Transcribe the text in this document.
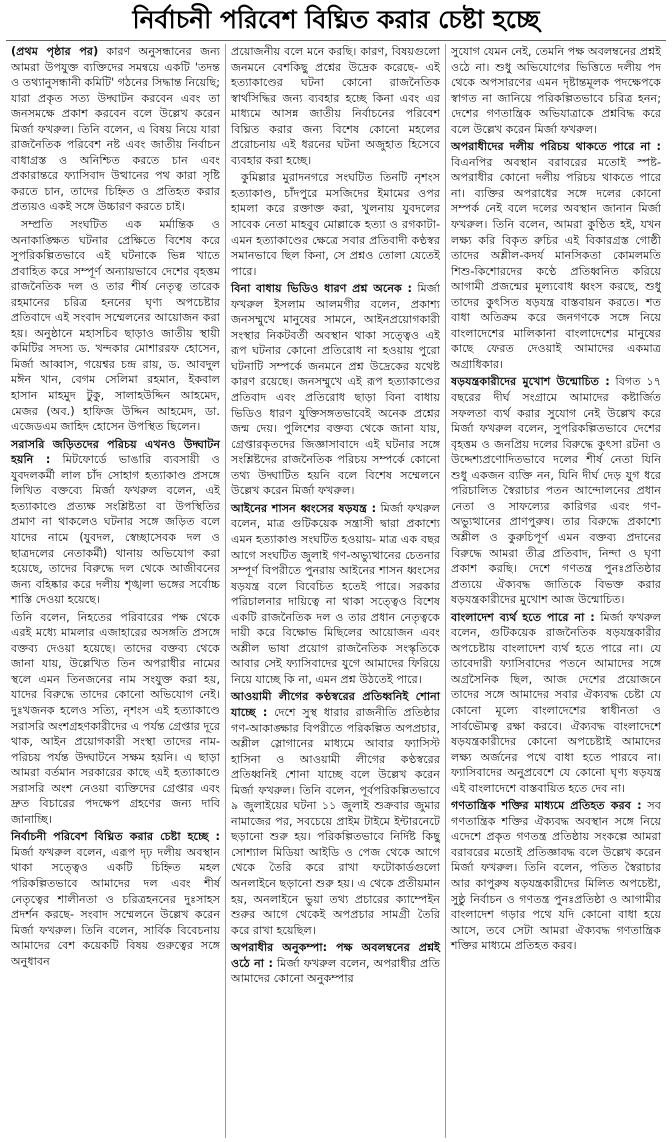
নির্বাচনী পরিবেশ বিঘ্নিত করার চেষ্টা হচ্ছে

(প্রথম পৃষ্ঠার পর) কারণ অনুসন্ধানের জন্য আমরা উপযুক্ত ব্যক্তিদের সমন্বয়ে একটি 'তদন্ত ও তথ্যানুসন্ধানী কমিটি' গঠনের সিদ্ধান্ত নিয়েছি; যারা প্রকৃত সত্য উদ্ঘাটন করবেন এবং তা জনসমক্ষে প্রকাশ করবেন বলে উল্লেখ করেন মির্জা ফখরুল। তিনি বলেন, এ বিষয় নিয়ে যারা রাজনৈতিক পরিবেশ নষ্ট এবং জাতীয় নির্বাচন বাধাগ্রস্ত ও অনিশ্চিত করতে চান এবং প্রকারান্তরে ফ্যাসিবাদ উত্থানের পথ কারা সৃষ্টি করতে চান, তাদের চিহ্নিত ও প্রতিহত করার প্রত্যয়ও একই সঙ্গে উচ্চারণ করতে চাই।

সম্প্রতি সংঘটিত এক মর্মান্তিক ও অনাকাঙ্ক্ষিত ঘটনার প্রেক্ষিতে বিশেষ করে সুপরিকল্পিতভাবে এই ঘটনাকে ভিন্ন খাতে প্রবাহিত করে সম্পূর্ণ অন্যায়ভাবে দেশের বৃহত্তম রাজনৈতিক দল ও তার শীর্ষ নেতৃত্ব তারেক রহমানের চরিত্র হননের ঘৃণ্য অপচেষ্টার প্রতিবাদে এই সংবাদ সম্মেলনের আয়োজন করা হয়। অনুষ্ঠানে মহাসচিব ছাড়াও জাতীয় স্থায়ী কমিটির সদস্য ড. খন্দকার মোশাররফ হোসেন, মির্জা আব্বাস, গয়েশ্বর চন্দ্র রায়, ড. আবদুল মঈন খান, বেগম সেলিমা রহমান, ইকবাল হাসান মাহমুদ টুকু, সালাহউদ্দিন আহমেদ, মেজর (অব.) হাফিজ উদ্দিন আহমেদ, ডা. এজেডএম জাহিদ হোসেন উপস্থিত ছিলেন।

সরাসরি জড়িতদের পরিচয় এখনও উদ্ঘাটন হয়নি : মিটফোর্ডে ভাঙারি ব্যবসায়ী ও যুবদলকর্মী লাল চাঁদ সোহাগ হত্যাকাণ্ড প্রসঙ্গে লিখিত বক্তব্যে মির্জা ফখরুল বলেন, এই হত্যাকাণ্ডে প্রত্যক্ষ সংশ্লিষ্টতা বা উপস্থিতির প্রমাণ না থাকলেও ঘটনার সঙ্গে জড়িত বলে যাদের নামে (যুবদল, স্বেচ্ছাসেবক দল ও ছাত্রদলের নেতাকর্মী) থানায় অভিযোগ করা হয়েছে, তাদের বিরুদ্ধে দল থেকে আজীবনের জন্য বহিষ্কার করে দলীয় শৃঙ্খলা ভঙ্গের সর্বোচ্চ শাস্তি দেওয়া হয়েছে।

তিনি বলেন, নিহতের পরিবারের পক্ষ থেকে এরই মধ্যে মামলার এজাহারের অসঙ্গতি প্রসঙ্গে বক্তব্য দেওয়া হয়েছে। তাদের বক্তব্য থেকে জানা যায়, উল্লেখিত তিন অপরাধীর নামের স্থলে এমন তিনজনের নাম সংযুক্ত করা হয়, যাদের বিরুদ্ধে তাদের কোনো অভিযোগ নেই। দুঃখজনক হলেও সত্যি, নৃশংস এই হত্যাকাণ্ডে সরাসরি অংশগ্রহণকারীদের এ পর্যন্ত গ্রেপ্তার দূরে থাক, আইন প্রয়োগকারী সংস্থা তাদের নাম-পরিচয় পর্যন্ত উদ্ঘাটনে সক্ষম হয়নি। এ ছাড়া আমরা বর্তমান সরকারের কাছে এই হত্যাকাণ্ডে সরাসরি অংশ নেওয়া ব্যক্তিদের গ্রেপ্তার এবং দ্রুত বিচারের পদক্ষেপ গ্রহণের জন্য দাবি জানাচ্ছি।

নির্বাচনী পরিবেশ বিঘ্নিত করার চেষ্টা হচ্ছে : মির্জা ফখরুল বলেন, এরূপ দৃঢ় দলীয় অবস্থান থাকা সত্ত্বেও একটি চিহ্নিত মহল পরিকল্পিতভাবে আমাদের দল এবং শীর্ষ নেতৃত্বের শালীনতা ও চরিত্রহননের দুঃসাহস প্রদর্শন করছে- সংবাদ সম্মেলনে উল্লেখ করেন মির্জা ফখরুল। তিনি বলেন, সার্বিক বিবেচনায় আমাদের বেশ কয়েকটি বিষয় গুরুত্বের সঙ্গে অনুধাবন

প্রয়োজনীয় বলে মনে করছি। কারণ, বিষয়গুলো জনমনে বেশকিছু প্রশ্নের উদ্রেক করেছে- এই হত্যাকাণ্ডের ঘটনা কোনো রাজনৈতিক স্বার্থসিদ্ধির জন্য ব্যবহার হচ্ছে কিনা এবং এর মাধ্যমে আসন্ন জাতীয় নির্বাচনের পরিবেশ বিঘ্নিত করার জন্য বিশেষ কোনো মহলের প্ররোচনায় এই ধরনের ঘটনা অজুহাত হিসেবে ব্যবহার করা হচ্ছে।

কুমিল্লার মুরাদনগরে সংঘটিত তিনটি নৃশংস হত্যাকাণ্ড, চাঁদপুরে মসজিদের ইমামের ওপর হামলা করে রক্তাক্ত করা, খুলনায় যুবদলের সাবেক নেতা মাহবুব মোল্লাকে হত্যা ও রগকাটা- এমন হত্যাকাণ্ডের ক্ষেত্রে সবার প্রতিবাদী কণ্ঠস্বর সমানভাবে ছিল কিনা, সে প্রশ্নও তোলা যেতেই পারে।

বিনা বাধায় ভিডিও ধারণ প্রশ্ন অনেক : মির্জা ফখরুল ইসলাম আলমগীর বলেন, প্রকাশ্য জনসম্মুখে মানুষের সামনে, আইনপ্রয়োগকারী সংস্থার নিকটবর্তী অবস্থান থাকা সত্ত্বেও এই রূপ ঘটনার কোনো প্রতিরোধ না হওয়ায় পুরো ঘটনাটি সম্পর্কে জনমনে প্রশ্ন উদ্রেকের যথেষ্ট কারণ রয়েছে। জনসম্মুখে এই রূপ হত্যাকাণ্ডের প্রতিবাদ এবং প্রতিরোধ ছাড়া বিনা বাধায় ভিডিও ধারণ যুক্তিসঙ্গতভাবেই অনেক প্রশ্নের জন্ম দেয়। পুলিশের বক্তব্য থেকে জানা যায়, গ্রেপ্তারকৃতদের জিজ্ঞাসাবাদে এই ঘটনার সঙ্গে সংশ্লিষ্টদের রাজনৈতিক পরিচয় সম্পর্কে কোনো তথ্য উদ্ঘাটিত হয়নি বলে বিশেষ সম্মেলনে উল্লেখ করেন মির্জা ফখরুল।

আইনের শাসন ধ্বংসের ষড়যন্ত্র : মির্জা ফখরুল বলেন, মাত্র গুটিকয়েক সন্ত্রাসী দ্বারা প্রকাশ্যে এমন হত্যাকাণ্ড সংঘটিত হওয়ায়- মাত্র এক বছর আগে সংঘটিত জুলাই গণ-অভ্যুত্থানের চেতনার সম্পূর্ণ বিপরীতে পুনরায় আইনের শাসন ধ্বংসের ষড়যন্ত্র বলে বিবেচিত হতেই পারে। সরকার পরিচালনার দায়িত্বে না থাকা সত্ত্বেও বিশেষ একটি রাজনৈতিক দল ও তার প্রধান নেতৃত্বকে দায়ী করে বিক্ষোভ মিছিলের আয়োজন এবং অশ্লীল ভাষা প্রয়োগ রাজনৈতিক সংস্কৃতিকে আবার সেই ফ্যাসিবাদের যুগে আমাদের ফিরিয়ে নিয়ে যাচ্ছে কি না, এমন প্রশ্ন উঠতেই পারে।

আওয়ামী লীগের কণ্ঠস্বরের প্রতিধ্বনিই শোনা যাচ্ছে : দেশে সুস্থ ধারার রাজনীতি প্রতিষ্ঠার গণ-আকাঙ্ক্ষার বিপরীতে পরিকল্পিত অপপ্রচার, অশ্লীল স্লোগানের মাধ্যমে আবার ফ্যাসিস্ট হাসিনা ও আওয়ামী লীগের কণ্ঠস্বরের প্রতিধ্বনিই শোনা যাচ্ছে বলে উল্লেখ করেন মির্জা ফখরুল। তিনি বলেন, পূর্বপরিকল্পিতভাবে ৯ জুলাইয়ের ঘটনা ১১ জুলাই শুক্রবার জুমার নামাজের পর, সবচেয়ে প্রাইম টাইমে ইন্টারনেটে ছড়ানো শুরু হয়। পরিকল্পিতভাবে নির্দিষ্ট কিছু সোশ্যাল মিডিয়া আইডি ও পেজ থেকে আগে থেকে তৈরি করে রাখা ফটোকার্ডগুলো অনলাইনে ছড়ানো শুরু হয়। এ থেকে প্রতীয়মান হয়, অনলাইনে ভুয়া তথ্য প্রচারের ক্যাম্পেইন শুরুর আগে থেকেই অপপ্রচার সামগ্রী তৈরি করে রাখা হয়েছিল।

অপরাধীর অনুকম্পা: পক্ষ অবলম্বনের প্রশ্নই ওঠে না : মির্জা ফখরুল বলেন, অপরাধীর প্রতি আমাদের কোনো অনুকম্পার

সুযোগ যেমন নেই, তেমনি পক্ষ অবলম্বনের প্রশ্নই ওঠে না। শুধু অভিযোগের ভিত্তিতে দলীয় পদ থেকে অপসারণের এমন দৃষ্টান্তমূলক পদক্ষেপকে স্বাগত না জানিয়ে পরিকল্পিতভাবে চরিত্র হনন; দেশের গণতান্ত্রিক অভিযাত্রাকে প্রশ্নবিদ্ধ করে বলে উল্লেখ করেন মির্জা ফখরুল।

অপরাধীদের দলীয় পরিচয় থাকতে পারে না : বিএনপির অবস্থান বরাবরের মতোই স্পষ্ট- অপরাধীর কোনো দলীয় পরিচয় থাকতে পারে না। ব্যক্তির অপরাধের সঙ্গে দলের কোনো সম্পর্ক নেই বলে দলের অবস্থান জানান মির্জা ফখরুল। তিনি বলেন, আমরা কুণ্ঠিত হই, যখন লক্ষ্য করি বিকৃত রুচির এই বিকারগ্রস্ত গোষ্ঠী তাদের অশ্লীল-কদর্য মানসিকতা কোমলমতি শিশু-কিশোরদের কণ্ঠে প্রতিধ্বনিত করিয়ে আগামী প্রজন্মের মূল্যবোধ ধ্বংস করছে, শুধু তাদের কুৎসিত ষড়যন্ত্র বাস্তবায়ন করতে। শত বাধা অতিক্রম করে জনগণকে সঙ্গে নিয়ে বাংলাদেশের মালিকানা বাংলাদেশের মানুষের কাছে ফেরত দেওয়াই আমাদের একমাত্র অগ্রাধিকার।

ষড়যন্ত্রকারীদের মুখোশ উন্মোচিত : বিগত ১৭ বছরের দীর্ঘ সংগ্রামে আমাদের কষ্টার্জিত সফলতা ব্যর্থ করার সুযোগ নেই উল্লেখ করে মির্জা ফখরুল বলেন, সুপরিকল্পিতভাবে দেশের বৃহত্তম ও জনপ্রিয় দলের বিরুদ্ধে কুৎসা রটনা ও উদ্দেশ্যপ্রণোদিতভাবে দলের শীর্ষ নেতা যিনি শুধু একজন ব্যক্তি নন, যিনি দীর্ঘ দেড় যুগ ধরে পরিচালিত স্বৈরাচার পতন আন্দোলনের প্রধান নেতা ও সাফল্যের কারিগর এবং গণ-অভ্যুত্থানের প্রাণপুরুষ। তার বিরুদ্ধে প্রকাশ্যে অশ্লীল ও কুরুচিপূর্ণ এমন বক্তব্য প্রদানের বিরুদ্ধে আমরা তীব্র প্রতিবাদ, নিন্দা ও ঘৃণা প্রকাশ করছি। দেশে গণতন্ত্র পুনঃপ্রতিষ্ঠার প্রত্যয়ে ঐক্যবদ্ধ জাতিকে বিভক্ত করার ষড়যন্ত্রকারীদের মুখোশ আজ উন্মোচিত।

বাংলাদেশ ব্যর্থ হতে পারে না : মির্জা ফখরুল বলেন, গুটিকয়েক রাজনৈতিক ষড়যন্ত্রকারীর অপচেষ্টায় বাংলাদেশ ব্যর্থ হতে পারে না। যে তাবেদারী ফ্যাসিবাদের পতনে আমাদের সঙ্গে অগ্রসৈনিক ছিল, আজ দেশের প্রয়োজনে তাদের সঙ্গে আমাদের সবার ঐক্যবদ্ধ চেষ্টা যে কোনো মূল্যে বাংলাদেশের স্বাধীনতা ও সার্বভৌমত্ব রক্ষা করবে। ঐক্যবদ্ধ বাংলাদেশে ষড়যন্ত্রকারীদের কোনো অপচেষ্টাই আমাদের লক্ষ্য অর্জনের পথে বাধা হতে পারবে না। ফ্যাসিবাদের অনুপ্রবেশে যে কোনো ঘৃণ্য ষড়যন্ত্র এই বাংলাদেশে বাস্তবায়িত হতে দেব না।

গণতান্ত্রিক শক্তির মাধ্যমে প্রতিহত করব : সব গণতান্ত্রিক শক্তির ঐক্যবদ্ধ অবস্থান সঙ্গে নিয়ে এদেশে প্রকৃত গণতন্ত্র প্রতিষ্ঠায় সংকল্পে আমরা বরাবরের মতোই প্রতিজ্ঞাবদ্ধ বলে উল্লেখ করেন মির্জা ফখরুল। তিনি বলেন, পতিত স্বৈরাচার আর কাপুরুষ ষড়যন্ত্রকারীদের মিলিত অপচেষ্টা, সুষ্ঠু নির্বাচন ও গণতন্ত্র পুনঃপ্রতিষ্ঠা ও আগামীর বাংলাদেশ গড়ার পথে যদি কোনো বাধা হয়ে আসে, তবে সেটা আমরা ঐক্যবদ্ধ গণতান্ত্রিক শক্তির মাধ্যমে প্রতিহত করব।
